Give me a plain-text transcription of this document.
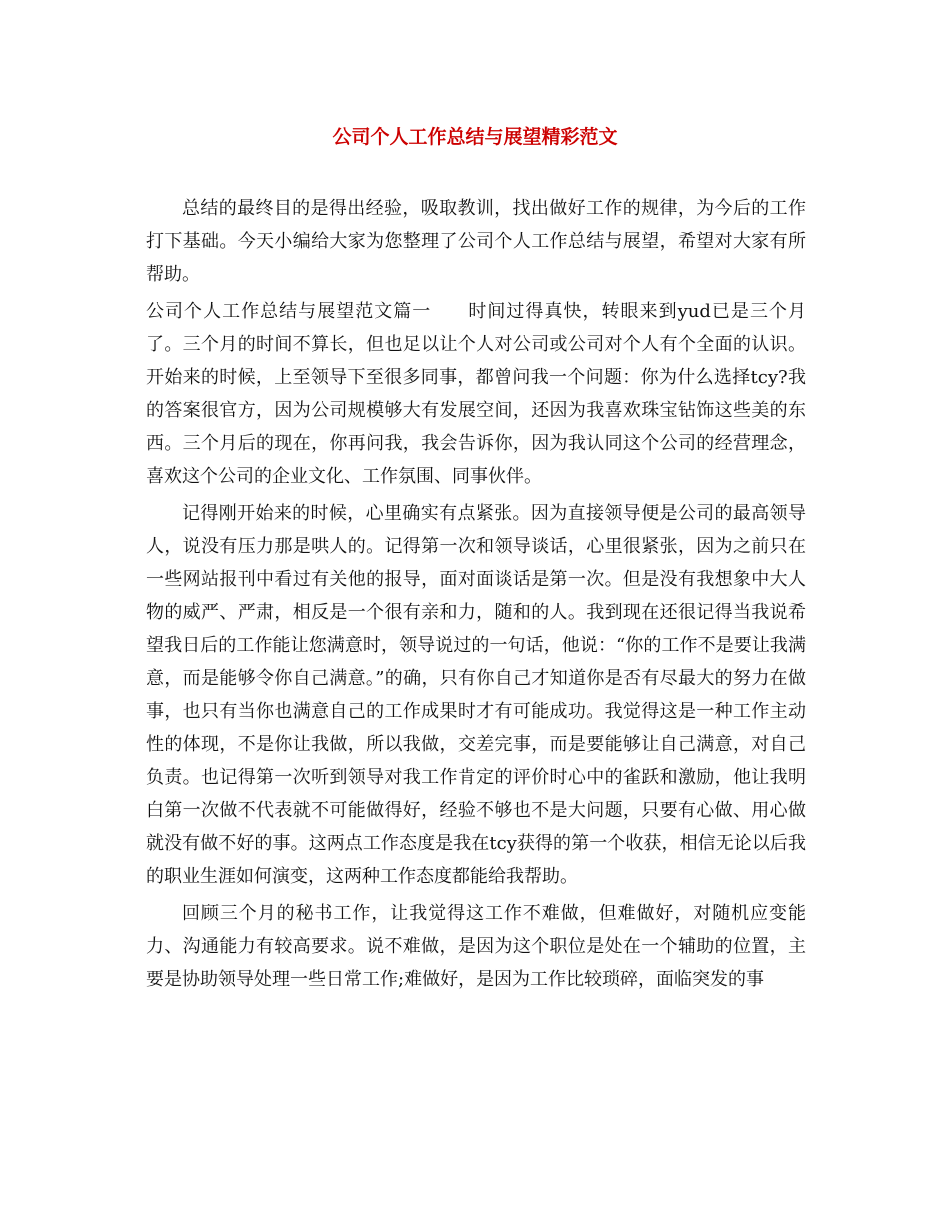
公司个人工作总结与展望精彩范文

总结的最终目的是得出经验，吸取教训，找出做好工作的规律，为今后的工作打下基础。今天小编给大家为您整理了公司个人工作总结与展望，希望对大家有所帮助。

公司个人工作总结与展望范文篇一 时间过得真快，转眼来到yud已是三个月了。三个月的时间不算长，但也足以让个人对公司或公司对个人有个全面的认识。开始来的时候，上至领导下至很多同事，都曾问我一个问题：你为什么选择tcy?我的答案很官方，因为公司规模够大有发展空间，还因为我喜欢珠宝钻饰这些美的东西。三个月后的现在，你再问我，我会告诉你，因为我认同这个公司的经营理念，喜欢这个公司的企业文化、工作氛围、同事伙伴。

记得刚开始来的时候，心里确实有点紧张。因为直接领导便是公司的最高领导人，说没有压力那是哄人的。记得第一次和领导谈话，心里很紧张，因为之前只在一些网站报刊中看过有关他的报导，面对面谈话是第一次。但是没有我想象中大人物的威严、严肃，相反是一个很有亲和力，随和的人。我到现在还很记得当我说希望我日后的工作能让您满意时，领导说过的一句话，他说：“你的工作不是要让我满意，而是能够令你自己满意。”的确，只有你自己才知道你是否有尽最大的努力在做事，也只有当你也满意自己的工作成果时才有可能成功。我觉得这是一种工作主动性的体现，不是你让我做，所以我做，交差完事，而是要能够让自己满意，对自己负责。也记得第一次听到领导对我工作肯定的评价时心中的雀跃和激励，他让我明白第一次做不代表就不可能做得好，经验不够也不是大问题，只要有心做、用心做就没有做不好的事。这两点工作态度是我在tcy获得的第一个收获，相信无论以后我的职业生涯如何演变，这两种工作态度都能给我帮助。

回顾三个月的秘书工作，让我觉得这工作不难做，但难做好，对随机应变能力、沟通能力有较高要求。说不难做，是因为这个职位是处在一个辅助的位置，主要是协助领导处理一些日常工作;难做好，是因为工作比较琐碎，面临突发的事
